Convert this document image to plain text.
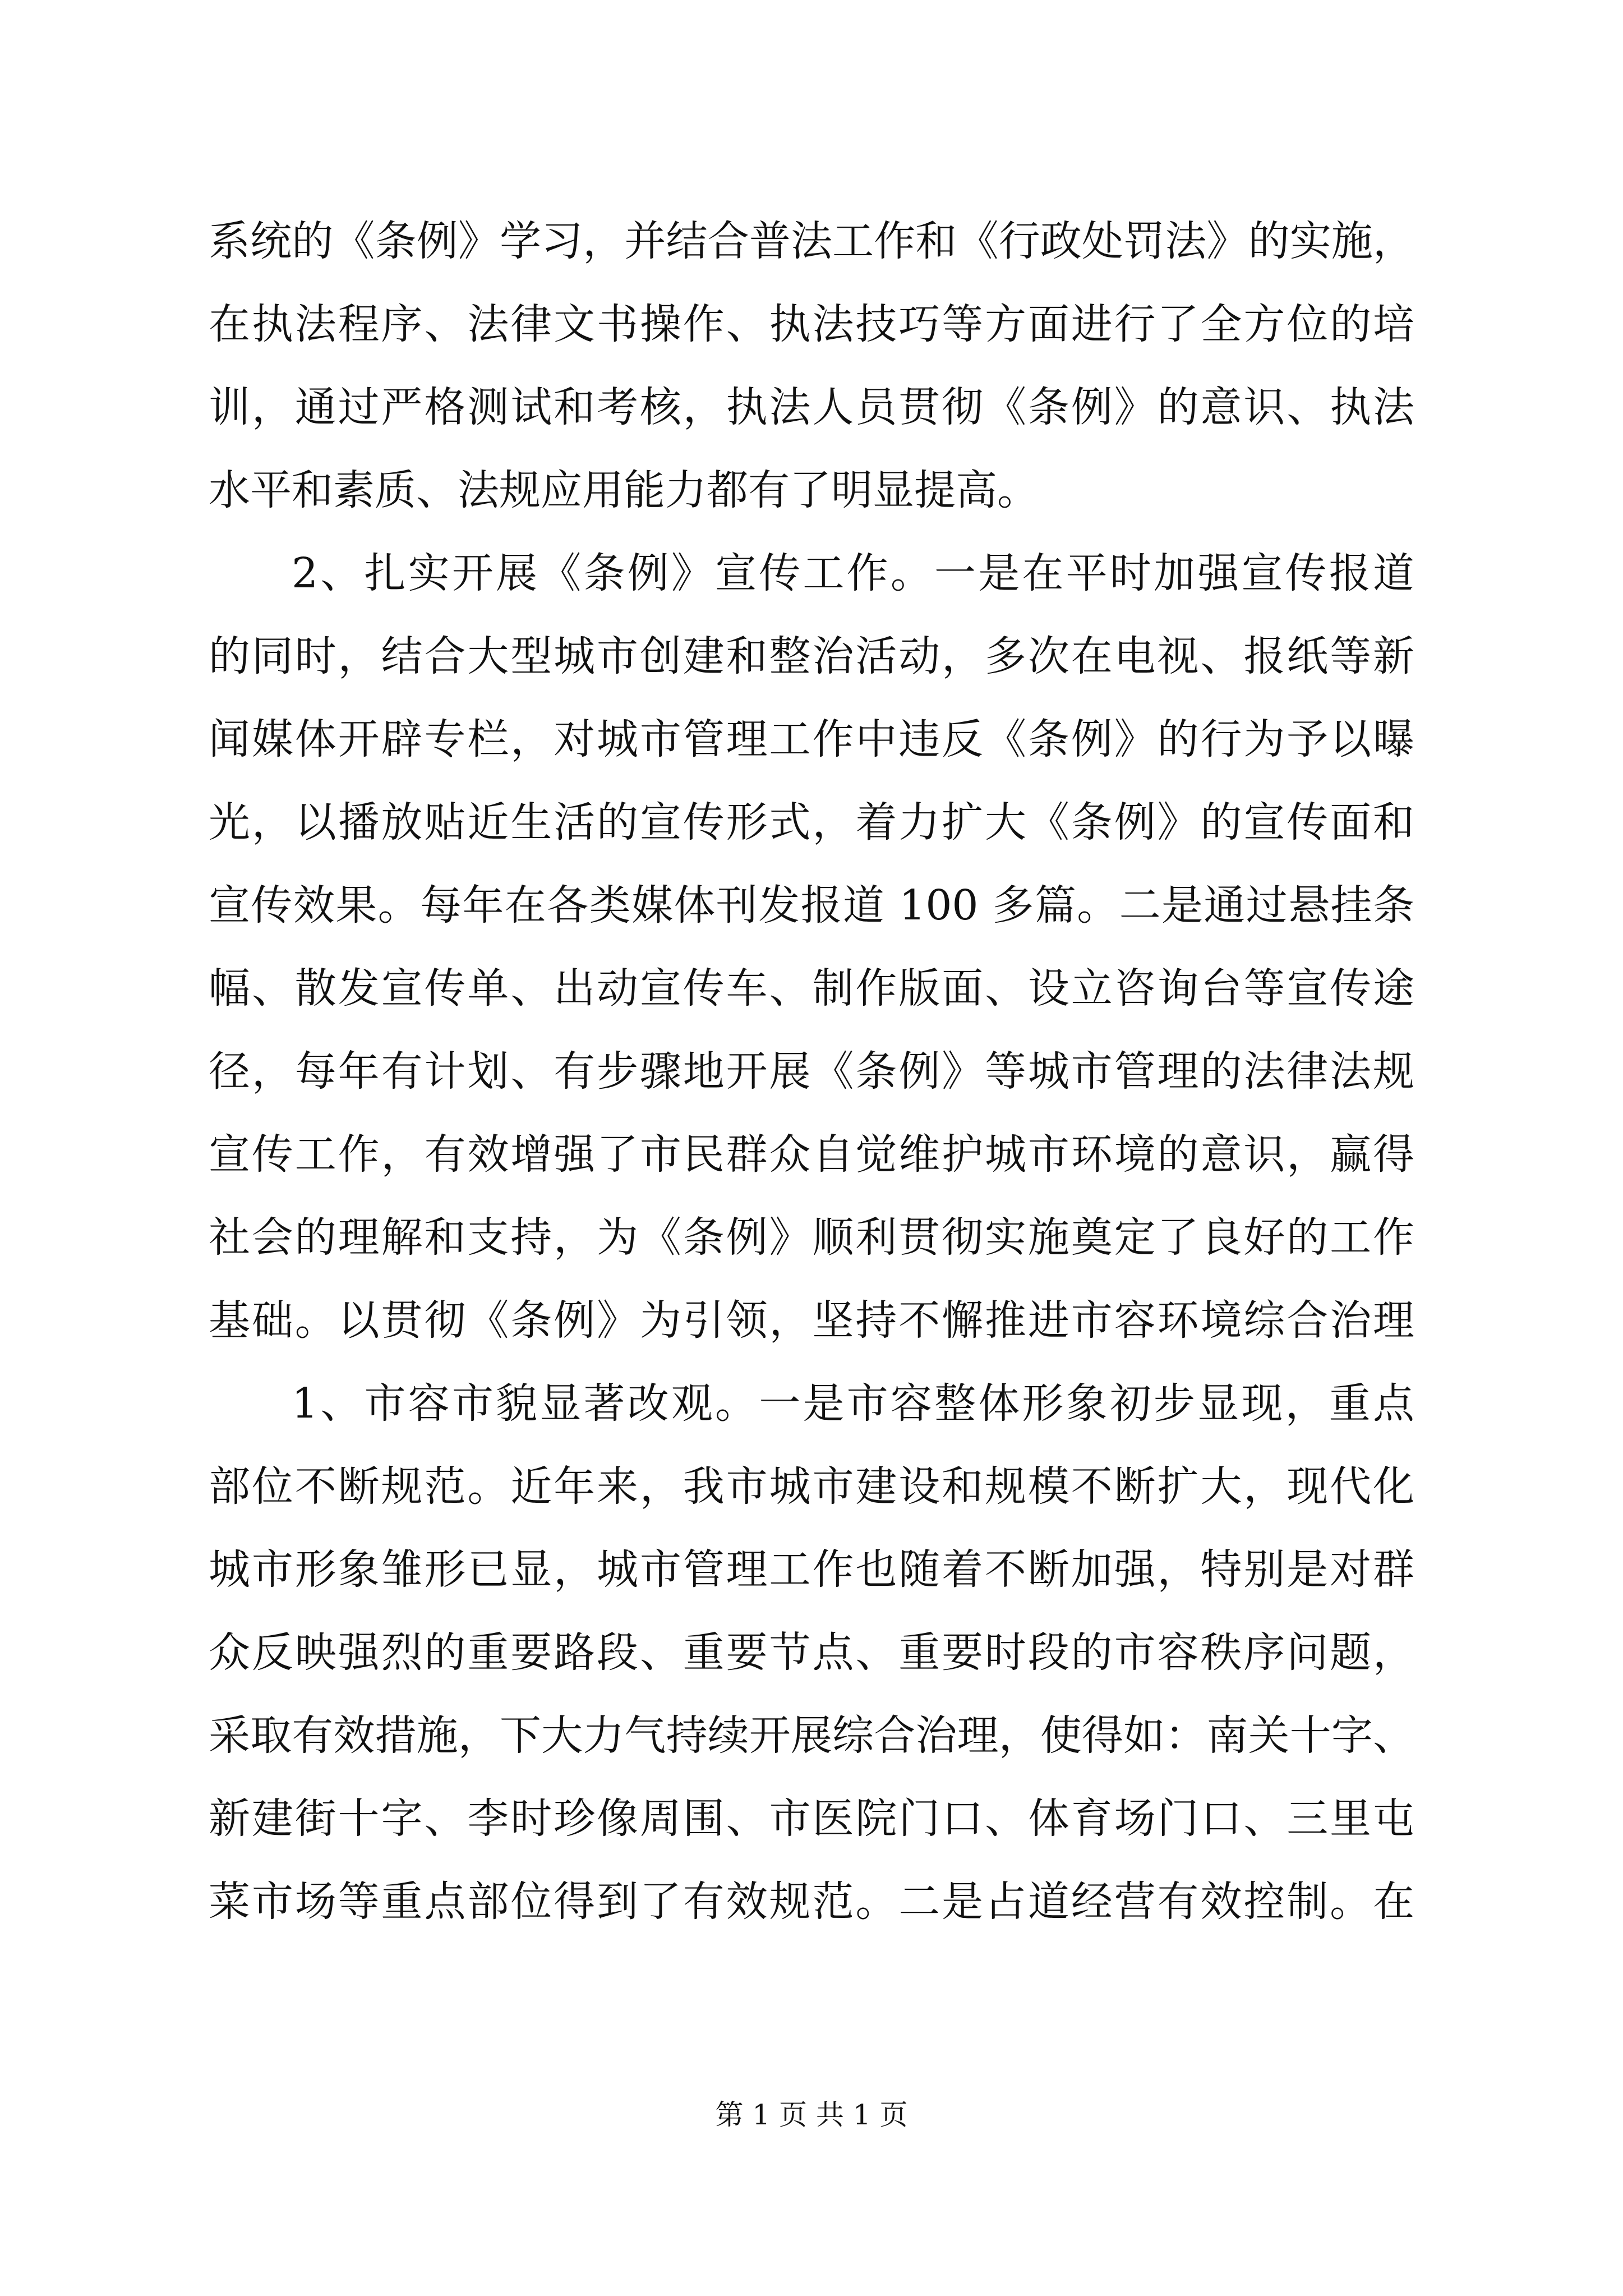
系统的《条例》学习，并结合普法工作和《行政处罚法》的实施，
在执法程序、法律文书操作、执法技巧等方面进行了全方位的培
训，通过严格测试和考核，执法人员贯彻《条例》的意识、执法
水平和素质、法规应用能力都有了明显提高。
2、扎实开展《条例》宣传工作。一是在平时加强宣传报道
的同时，结合大型城市创建和整治活动，多次在电视、报纸等新
闻媒体开辟专栏，对城市管理工作中违反《条例》的行为予以曝
光，以播放贴近生活的宣传形式，着力扩大《条例》的宣传面和
宣传效果。每年在各类媒体刊发报道 100 多篇。二是通过悬挂条
幅、散发宣传单、出动宣传车、制作版面、设立咨询台等宣传途
径，每年有计划、有步骤地开展《条例》等城市管理的法律法规
宣传工作，有效增强了市民群众自觉维护城市环境的意识，赢得
社会的理解和支持，为《条例》顺利贯彻实施奠定了良好的工作
基础。以贯彻《条例》为引领，坚持不懈推进市容环境综合治理
1、市容市貌显著改观。一是市容整体形象初步显现，重点
部位不断规范。近年来，我市城市建设和规模不断扩大，现代化
城市形象雏形已显，城市管理工作也随着不断加强，特别是对群
众反映强烈的重要路段、重要节点、重要时段的市容秩序问题，
采取有效措施，下大力气持续开展综合治理，使得如：南关十字、
新建街十字、李时珍像周围、市医院门口、体育场门口、三里屯
菜市场等重点部位得到了有效规范。二是占道经营有效控制。在
第 1 页 共 1 页
